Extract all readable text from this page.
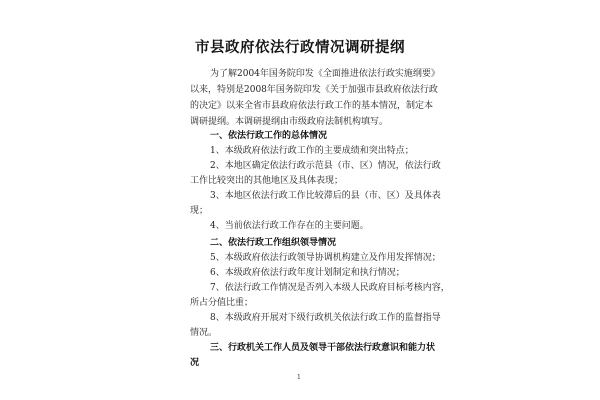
市县政府依法行政情况调研提纲
为了解2004年国务院印发《全面推进依法行政实施纲要》
以来，特别是2008年国务院印发《关于加强市县政府依法行政
的决定》以来全省市县政府依法行政工作的基本情况，制定本
调研提纲。本调研提纲由市级政府法制机构填写。
一、依法行政工作的总体情况
1、本级政府依法行政工作的主要成绩和突出特点；
2、本地区确定依法行政示范县（市、区）情况，依法行政
工作比较突出的其他地区及具体表现；
3、本地区依法行政工作比较滞后的县（市、区）及具体表
现；
4、当前依法行政工作存在的主要问题。
二、依法行政工作组织领导情况
5、本级政府依法行政领导协调机构建立及作用发挥情况；
6、本级政府依法行政年度计划制定和执行情况；
7、依法行政工作情况是否列入本级人民政府目标考核内容，
所占分值比重；
8、本级政府开展对下级行政机关依法行政工作的监督指导
情况。
三、行政机关工作人员及领导干部依法行政意识和能力状
况
1
